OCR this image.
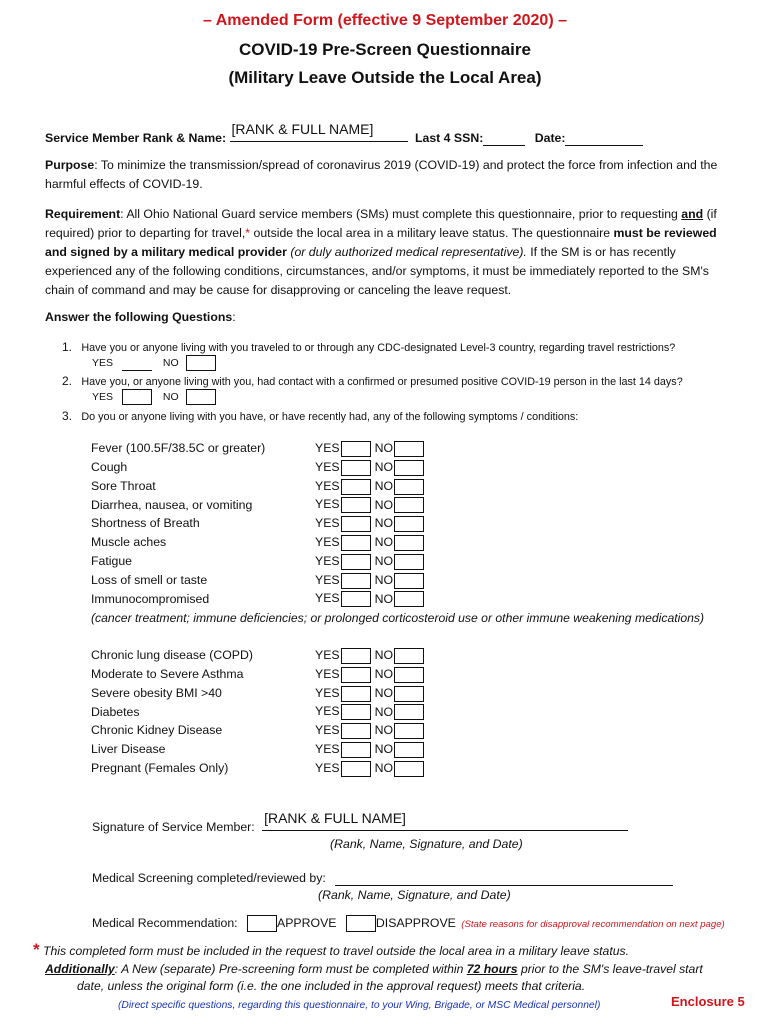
– Amended Form (effective 9 September 2020) –
COVID-19 Pre-Screen Questionnaire
(Military Leave Outside the Local Area)
Service Member Rank & Name:
[RANK & FULL NAME]
Last 4 SSN:	Date:
Purpose: To minimize the transmission/spread of coronavirus 2019 (COVID-19) and protect the force from infection and the harmful effects of COVID-19.
Requirement: All Ohio National Guard service members (SMs) must complete this questionnaire, prior to requesting and (if required) prior to departing for travel,* outside the local area in a military leave status. The questionnaire must be reviewed and signed by a military medical provider (or duly authorized medical representative). If the SM is or has recently experienced any of the following conditions, circumstances, and/or symptoms, it must be immediately reported to the SM's chain of command and may be cause for disapproving or canceling the leave request.
Answer the following Questions:
1. Have you or anyone living with you traveled to or through any CDC-designated Level-3 country, regarding travel restrictions?
YES	NO
2. Have you, or anyone living with you, had contact with a confirmed or presumed positive COVID-19 person in the last 14 days?
YES	NO
3. Do you or anyone living with you have, or have recently had, any of the following symptoms / conditions:
Fever (100.5F/38.5C or greater)	YES	NO
Cough	YES	NO
Sore Throat	YES	NO
Diarrhea, nausea, or vomiting	YES	NO
Shortness of Breath	YES	NO
Muscle aches	YES	NO
Fatigue	YES	NO
Loss of smell or taste	YES	NO
Immunocompromised	YES	NO
(cancer treatment; immune deficiencies; or prolonged corticosteroid use or other immune weakening medications)
Chronic lung disease (COPD)	YES	NO
Moderate to Severe Asthma	YES	NO
Severe obesity BMI >40	YES	NO
Diabetes	YES	NO
Chronic Kidney Disease	YES	NO
Liver Disease	YES	NO
Pregnant (Females Only)	YES	NO
Signature of Service Member:
[RANK & FULL NAME]
(Rank, Name, Signature, and Date)
Medical Screening completed/reviewed by:
(Rank, Name, Signature, and Date)
Medical Recommendation:	APPROVE	DISAPPROVE (State reasons for disapproval recommendation on next page)
* This completed form must be included in the request to travel outside the local area in a military leave status.
Additionally: A New (separate) Pre-screening form must be completed within 72 hours prior to the SM's leave-travel start
date, unless the original form (i.e. the one included in the approval request) meets that criteria.
(Direct specific questions, regarding this questionnaire, to your Wing, Brigade, or MSC Medical personnel)	Enclosure 5
